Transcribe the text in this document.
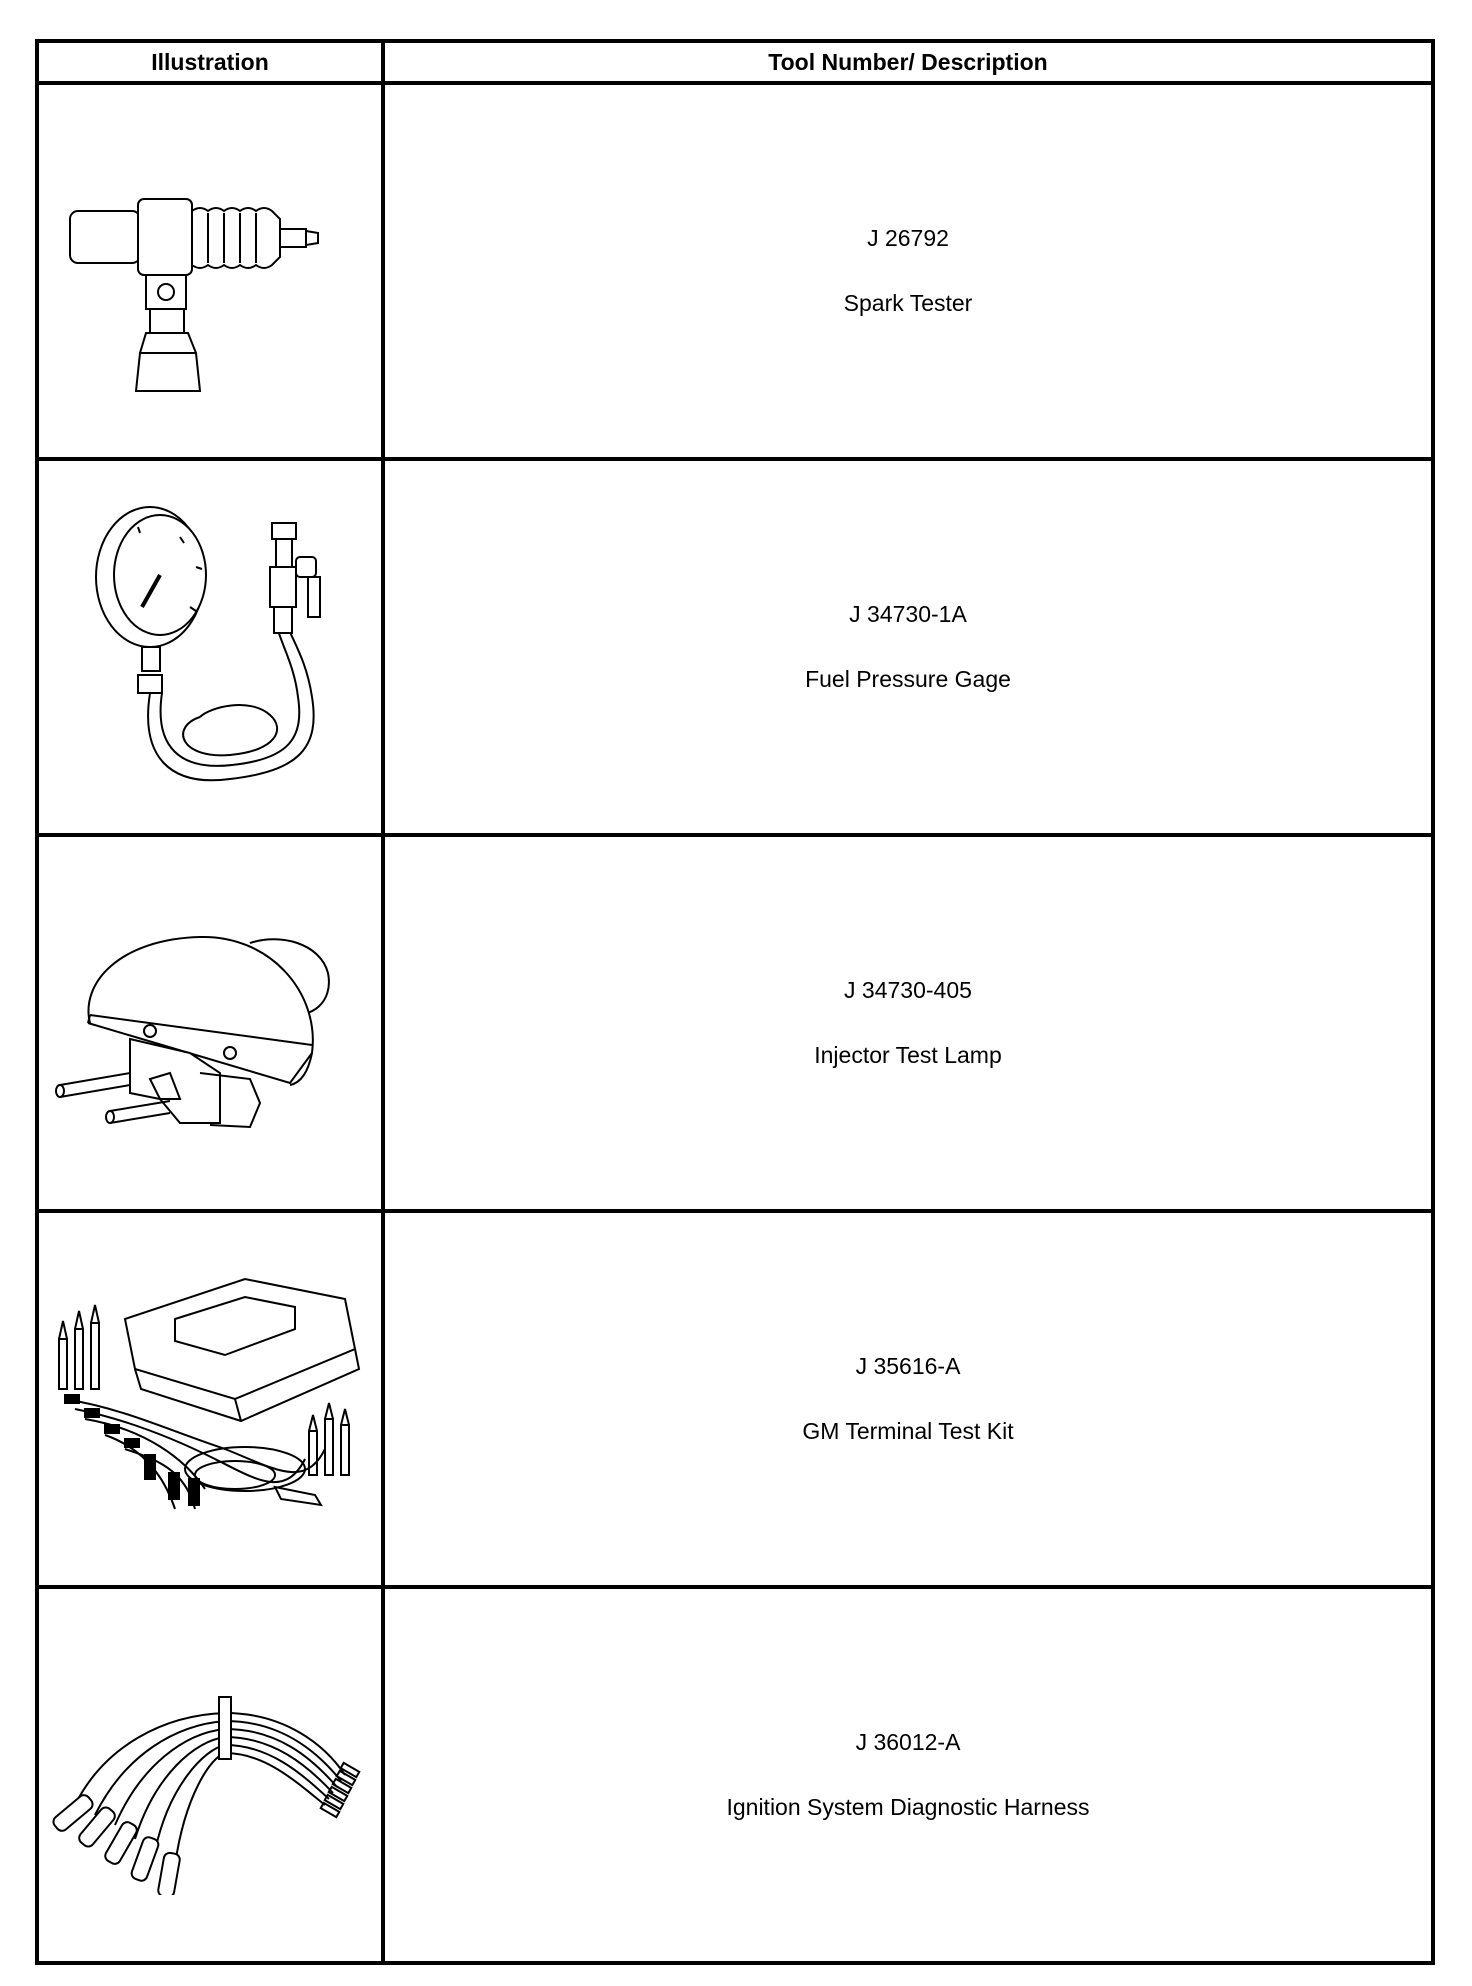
Illustration	Tool Number/ Description

J 26792
Spark Tester

J 34730-1A
Fuel Pressure Gage

J 34730-405
Injector Test Lamp

J 35616-A
GM Terminal Test Kit

J 36012-A
Ignition System Diagnostic Harness
